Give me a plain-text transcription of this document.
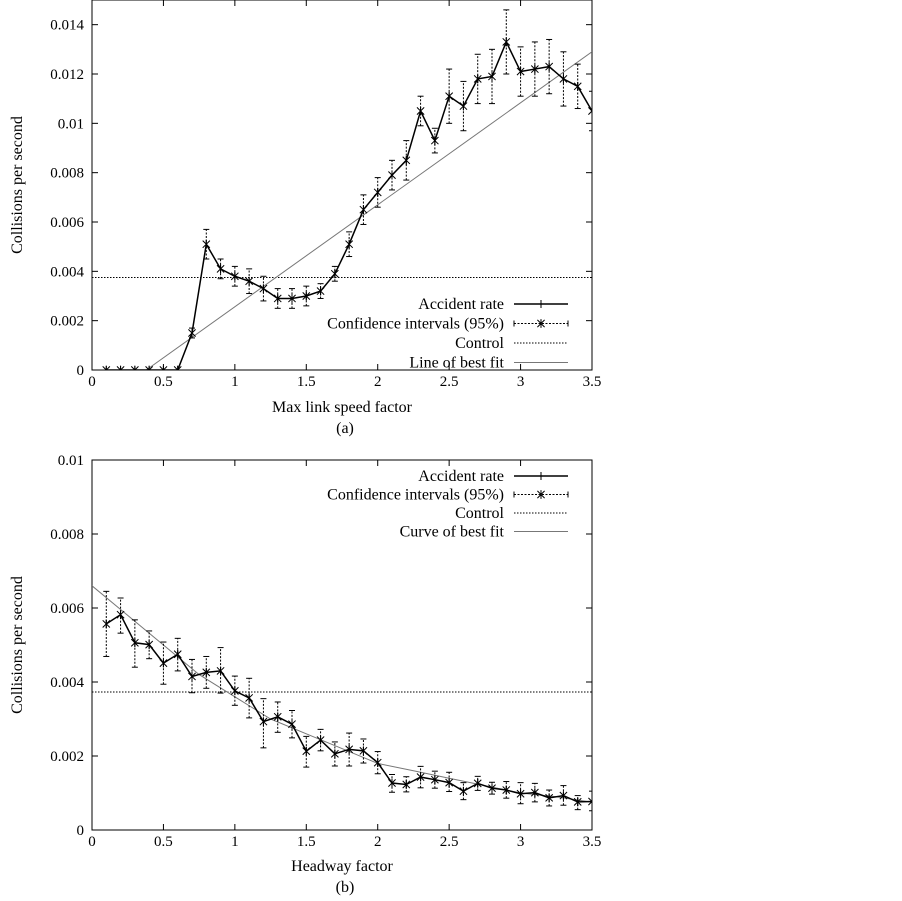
0	0.5	1	1.5	2	2.5	3	3.5
0
0.002
0.004
0.006
0.008
0.01
0.012
0.014
Max link speed factor
Collisions per second
(a)
Accident rate
Confidence intervals (95%)
Control
Line of best fit
0	0.5	1	1.5	2	2.5	3	3.5
0
0.002
0.004
0.006
0.008
0.01
Headway factor
Collisions per second
(b)
Accident rate
Confidence intervals (95%)
Control
Curve of best fit
